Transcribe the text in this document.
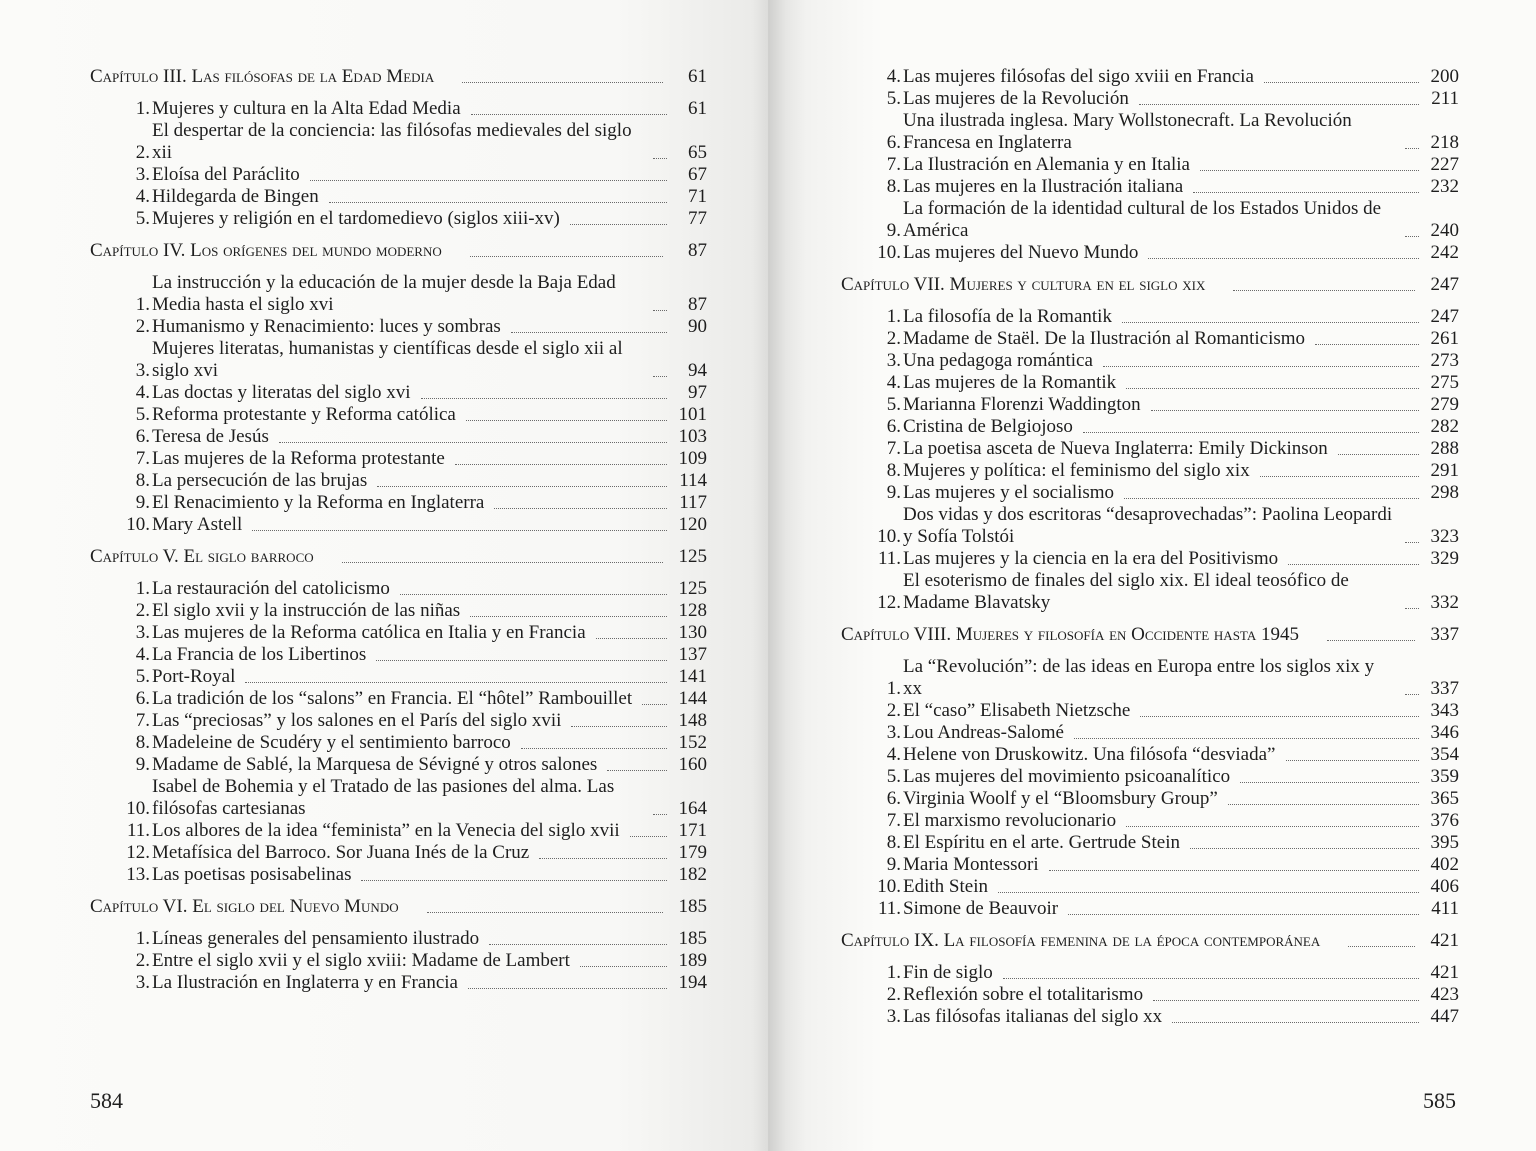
Capítulo III. Las filósofas de la Edad Media	61
1. Mujeres y cultura en la Alta Edad Media	61
2.
El despertar de la conciencia: las filósofas medievales del siglo xii	65
3. Eloísa del Paráclito	67
4. Hildegarda de Bingen	71
5. Mujeres y religión en el tardomedievo (siglos xiii-xv)	77
Capítulo IV. Los orígenes del mundo moderno	87
1.
La instrucción y la educación de la mujer desde la Baja Edad Media hasta el siglo xvi	87
2. Humanismo y Renacimiento: luces y sombras	90
3.
Mujeres literatas, humanistas y científicas desde el siglo xii al siglo xvi	94
4. Las doctas y literatas del siglo xvi	97
5. Reforma protestante y Reforma católica	101
6. Teresa de Jesús	103
7. Las mujeres de la Reforma protestante	109
8. La persecución de las brujas	114
9. El Renacimiento y la Reforma en Inglaterra	117
10. Mary Astell	120
Capítulo V. El siglo barroco	125
1. La restauración del catolicismo	125
2. El siglo xvii y la instrucción de las niñas	128
3. Las mujeres de la Reforma católica en Italia y en Francia	130
4. La Francia de los Libertinos	137
5. Port-Royal	141
6. La tradición de los “salons” en Francia. El “hôtel” Rambouillet 144
7. Las “preciosas” y los salones en el París del siglo xvii	148
8. Madeleine de Scudéry y el sentimiento barroco	152
9. Madame de Sablé, la Marquesa de Sévigné y otros salones	160
10.
Isabel de Bohemia y el Tratado de las pasiones del alma. Las filósofas cartesianas	164
11. Los albores de la idea “feminista” en la Venecia del siglo xvii	171
12. Metafísica del Barroco. Sor Juana Inés de la Cruz	179
13. Las poetisas posisabelinas	182
Capítulo VI. El siglo del Nuevo Mundo	185
1. Líneas generales del pensamiento ilustrado	185
2. Entre el siglo xvii y el siglo xviii: Madame de Lambert	189
3. La Ilustración en Inglaterra y en Francia	194
584
4. Las mujeres filósofas del sigo xviii en Francia	200
5. Las mujeres de la Revolución	211
6.
Una ilustrada inglesa. Mary Wollstonecraft. La Revolución Francesa en Inglaterra	218
7. La Ilustración en Alemania y en Italia	227
8. Las mujeres en la Ilustración italiana	232
9.
La formación de la identidad cultural de los Estados Unidos de América	240
10. Las mujeres del Nuevo Mundo	242
Capítulo VII. Mujeres y cultura en el siglo xix	247
1. La filosofía de la Romantik	247
2. Madame de Staël. De la Ilustración al Romanticismo	261
3. Una pedagoga romántica	273
4. Las mujeres de la Romantik	275
5. Marianna Florenzi Waddington	279
6. Cristina de Belgiojoso	282
7. La poetisa asceta de Nueva Inglaterra: Emily Dickinson	288
8. Mujeres y política: el feminismo del siglo xix	291
9. Las mujeres y el socialismo	298
10.
Dos vidas y dos escritoras “desaprovechadas”: Paolina Leopardi y Sofía Tolstói	323
11. Las mujeres y la ciencia en la era del Positivismo	329
12.
El esoterismo de finales del siglo xix. El ideal teosófico de Madame Blavatsky	332
Capítulo VIII. Mujeres y filosofía en Occidente hasta 1945	337
1.
La “Revolución”: de las ideas en Europa entre los siglos xix y xx	337
2. El “caso” Elisabeth Nietzsche	343
3. Lou Andreas-Salomé	346
4. Helene von Druskowitz. Una filósofa “desviada”	354
5. Las mujeres del movimiento psicoanalítico	359
6. Virginia Woolf y el “Bloomsbury Group”	365
7. El marxismo revolucionario	376
8. El Espíritu en el arte. Gertrude Stein	395
9. Maria Montessori	402
10. Edith Stein	406
11. Simone de Beauvoir	411
Capítulo IX. La filosofía femenina de la época contemporánea	421
1. Fin de siglo	421
2. Reflexión sobre el totalitarismo	423
3. Las filósofas italianas del siglo xx	447
585
